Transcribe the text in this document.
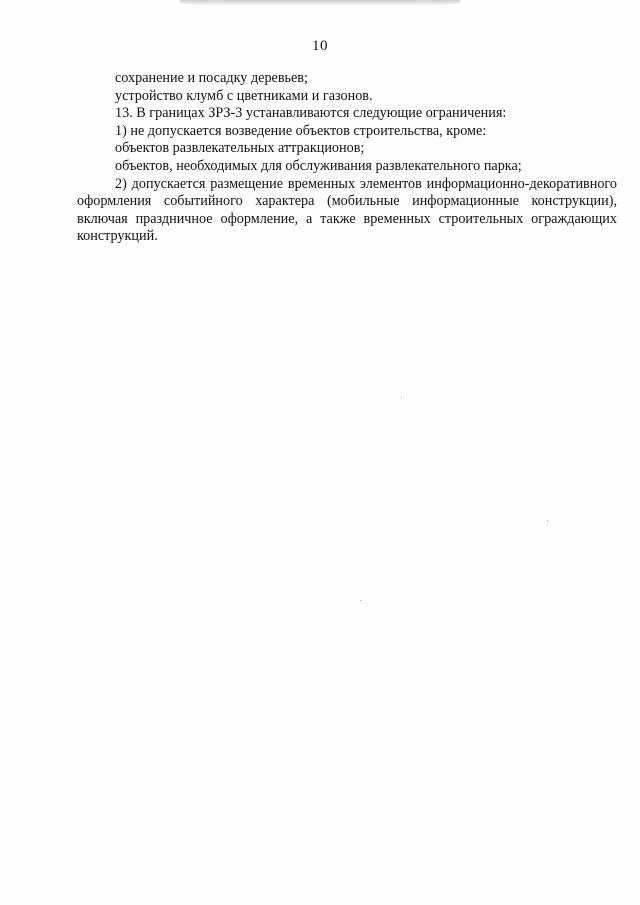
10

сохранение и посадку деревьев;

устройство клумб с цветниками и газонов.

13. В границах ЗРЗ-3 устанавливаются следующие ограничения:

1) не допускается возведение объектов строительства, кроме:

объектов развлекательных аттракционов;

объектов, необходимых для обслуживания развлекательного парка;

2) допускается размещение временных элементов информационно-декоративного оформления событийного характера (мобильные информационные конструкции), включая праздничное оформление, а также временных строительных ограждающих конструкций.
